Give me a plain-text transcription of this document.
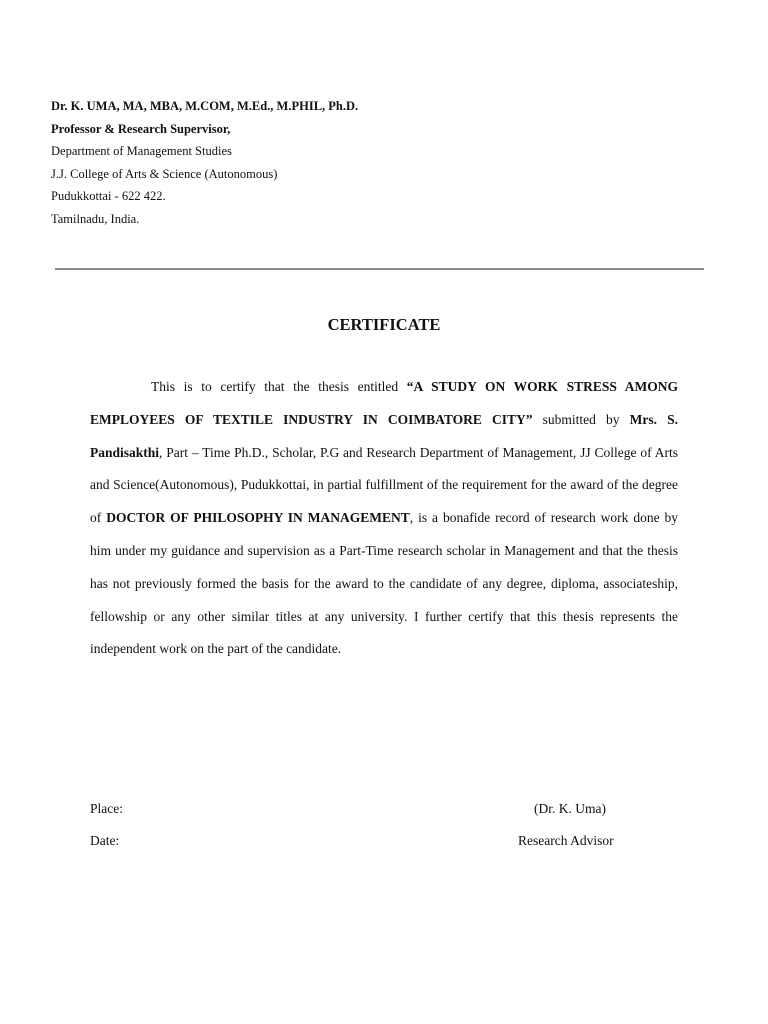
Dr. K. UMA, MA, MBA, M.COM, M.Ed., M.PHIL, Ph.D.
Professor & Research Supervisor,
Department of Management Studies
J.J. College of Arts & Science (Autonomous)
Pudukkottai - 622 422.
Tamilnadu, India.
CERTIFICATE

This is to certify that the thesis entitled “A STUDY ON WORK STRESS AMONG EMPLOYEES OF TEXTILE INDUSTRY IN COIMBATORE CITY” submitted by Mrs. S. Pandisakthi, Part – Time Ph.D., Scholar, P.G and Research Department of Management, JJ College of Arts and Science(Autonomous), Pudukkottai, in partial fulfillment of the requirement for the award of the degree of DOCTOR OF PHILOSOPHY IN MANAGEMENT, is a bonafide record of research work done by him under my guidance and supervision as a Part-Time research scholar in Management and that the thesis has not previously formed the basis for the award to the candidate of any degree, diploma, associateship, fellowship or any other similar titles at any university. I further certify that this thesis represents the independent work on the part of the candidate.

Place:
Date:
(Dr. K. Uma)
Research Advisor
